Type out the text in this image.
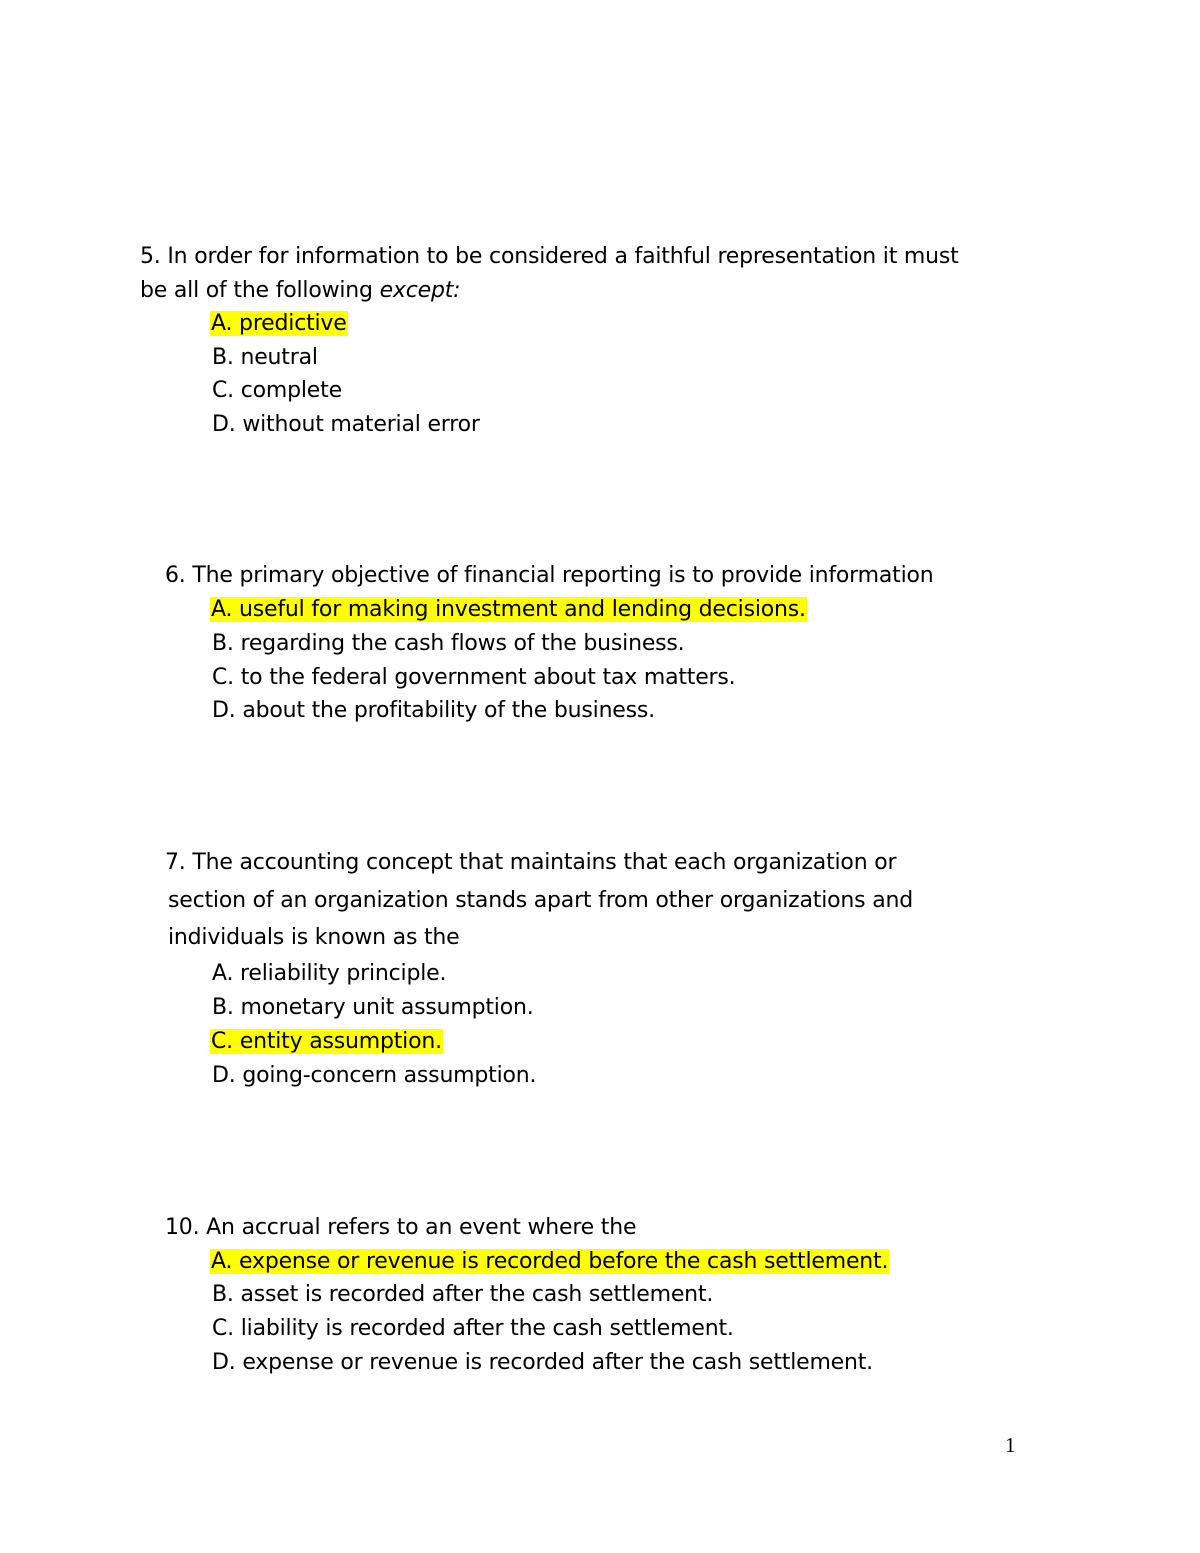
5. In order for information to be considered a faithful representation it must
be all of the following except:
A. predictive
B. neutral
C. complete
D. without material error
6. The primary objective of financial reporting is to provide information
A. useful for making investment and lending decisions.
B. regarding the cash flows of the business.
C. to the federal government about tax matters.
D. about the profitability of the business.
7. The accounting concept that maintains that each organization or
section of an organization stands apart from other organizations and
individuals is known as the
A. reliability principle.
B. monetary unit assumption.
C. entity assumption.
D. going-concern assumption.
10. An accrual refers to an event where the
A. expense or revenue is recorded before the cash settlement.
B. asset is recorded after the cash settlement.
C. liability is recorded after the cash settlement.
D. expense or revenue is recorded after the cash settlement.
1
